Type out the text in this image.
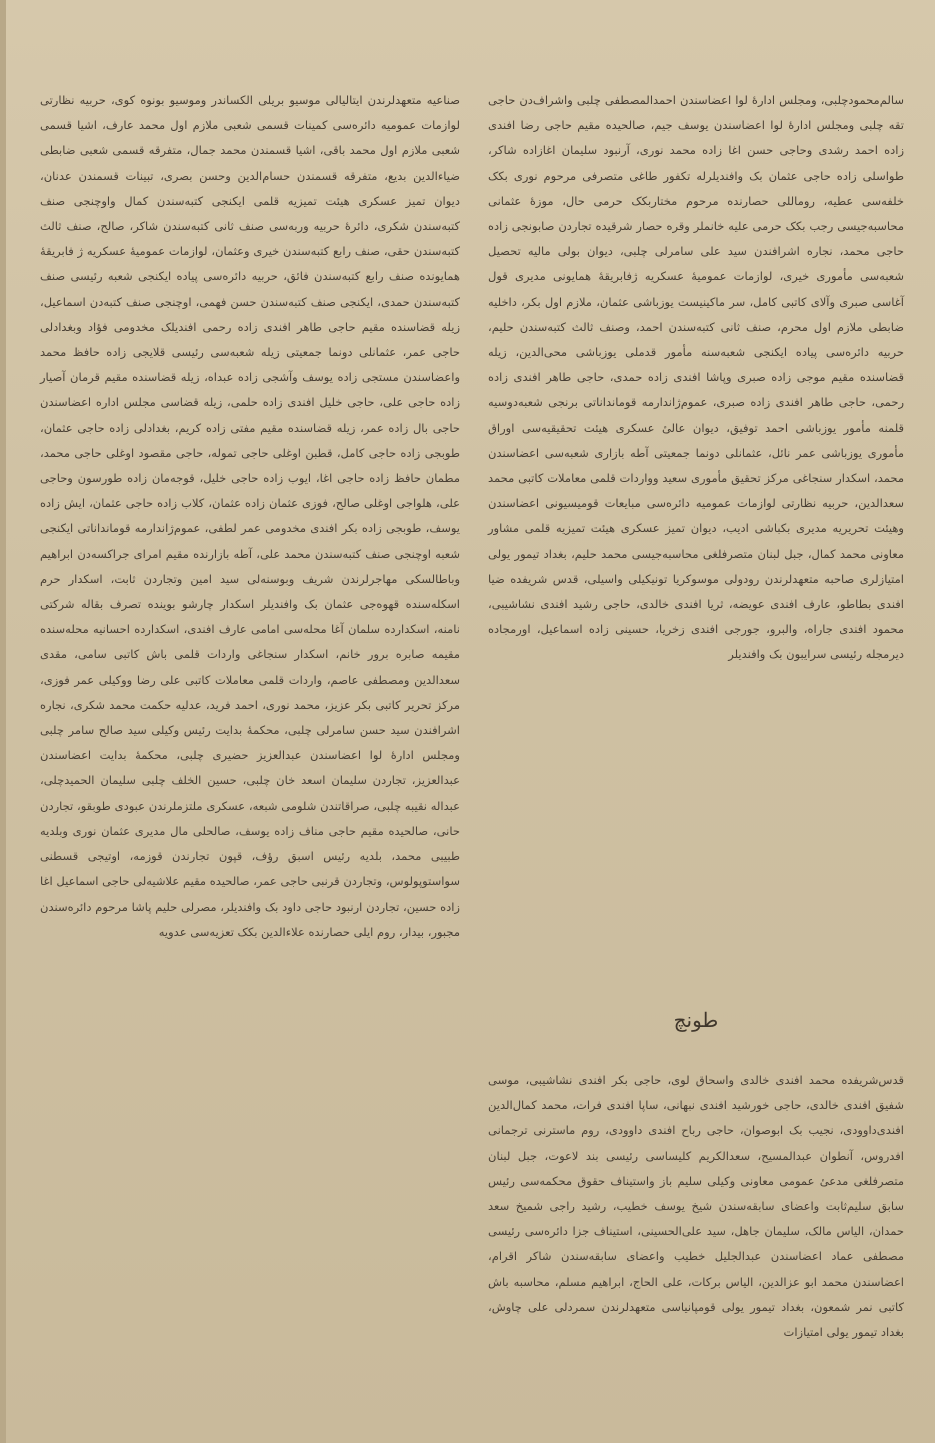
سالم‌محمودچلبی، ومجلس ادارهٔ لوا اعضاسندن احمدالمصطفی چلبی واشراف‌دن حاجی تقه چلبی ومجلس ادارهٔ لوا اعضاسندن یوسف جیم، صالحیده مقیم حاجی رضا افندی زاده احمد رشدی وحاجی حسن اغا زاده محمد نوری، آرنبود سلیمان اغازاده شاکر، طواسلی زاده حاجی عثمان بک وافندیلرله تکفور طاغی متصرفی مرحوم نوری بکک خلفه‌سی عطیه، روماللی حصارنده مرحوم مختاربکک حرمی حال، موزهٔ عثمانی محاسبه‌جیسی رجب بکک حرمی علیه خانملر وقره حصار شرقیده تجاردن صابونجی زاده حاجی محمد، نجاره اشرافندن سید علی سامرلی چلبی، دیوان بولی مالیه تحصیل شعبه‌سی مأموری خیری، لوازمات عمومیهٔ عسکریه ژفابریقهٔ همایونی مدیری قول آغاسی صبری وآلای کاتبی کامل، سر ماکینیست یوزباشی عثمان، ملازم اول بکر، داخلیه ضابطی ملازم اول محرم، صنف ثانی کتبه‌سندن احمد، وصنف ثالث کتبه‌سندن حلیم، حربیه دائره‌سی پیاده ایکنجی شعبه‌سنه مأمور قدملی یوزباشی محی‌الدین، زیله قضاسنده مقیم موجی زاده صبری وپاشا افندی زاده حمدی، حاجی طاهر افندی زاده رحمی، حاجی طاهر افندی زاده صبری، عموم‌ژاندارمه قومانداناتی برنجی شعبه‌دوسیه قلمنه مأمور یوزباشی احمد توفیق، دیوان عالیٔ عسکری هیئت تحقیقیه‌سی اوراق مأموری یوزباشی عمر نائل، عثمانلی دونما جمعیتی آطه بازاری شعبه‌سی اعضاسندن محمد، اسکدار سنجاغی مرکز تحقیق مأموری سعید وواردات قلمی معاملات کاتبی محمد سعدالدین، حربیه نظارتی لوازمات عمومیه دائره‌سی مبایعات قومیسیونی اعضاسندن وهیئت تحریریه مدیری بکباشی ادیب، دیوان تمیز عسکری هیئت تمیزیه قلمی مشاور معاونی محمد کمال، جبل لبنان متصرفلغی محاسبه‌جیسی محمد حلیم، بغداد تیمور یولی امتیازلری صاحبه متعهدلرندن رودولی موسوکریا تونیکیلی واسیلی، قدس شریفده ضیا افندی بطاطو، عارف افندی عویضه، ثریا افندی خالدی، حاجی رشید افندی نشاشیبی، محمود افندی جاراه، والبرو، جورجی افندی زخریا، حسینی زاده اسماعیل، اورمجاده دیرمجله رئیسی سرایبون بک وافندیلر

طونچ

قدس‌شریفده محمد افندی خالدی واسحاق لوی، حاجی بکر افندی نشاشیبی، موسی شفیق افندی خالدی، حاجی خورشید افندی نبهانی، ساپا افندی فرات، محمد کمال‌الدین افندی‌داوودی، نجیب بک ابوصوان، حاجی رباح افندی داوودی، روم ماسترنی ترجمانی افدروس، آنطوان عبدالمسیح، سعدالکریم کلیساسی رئیسی بند لاعوت، جبل لبنان متصرفلغی مدعیٔ عمومی معاونی وکیلی سلیم باز واستیناف حقوق محکمه‌سی رئیس سابق سلیم‌ثابت واعضای سابقه‌سندن شیخ یوسف خطیب، رشید راجی شمیخ سعد حمدان، الیاس مالک، سلیمان جاهل، سید علی‌الحسینی، استیناف جزا دائره‌سی رئیسی مصطفی عماد اعضاسندن عبدالجلیل خطیب واعضای سابقه‌سندن شاکر اقرام، اعضاسندن محمد ابو عزالدین، الیاس برکات، علی الحاج، ابراهیم مسلم، محاسبه باش کاتبی نمر شمعون، بغداد تیمور یولی قومپانیاسی متعهدلرندن سمردلی علی چاوش، بغداد تیمور یولی امتیازات

صناعیه متعهدلرندن ایتالیالی موسیو بریلی الکساندر وموسیو بونوه کوی، حربیه نظارتی لوازمات عمومیه دائره‌سی کمینات قسمی شعبی ملازم اول محمد عارف، اشیا قسمی شعبی ملازم اول محمد باقی، اشیا قسمندن محمد جمال، متفرقه قسمی شعبی ضابطی ضیاءالدین بدیع، متفرقه قسمندن حسام‌الدین وحسن بصری، تبینات قسمندن عدنان، دیوان تمیز عسکری هیئت تمیزیه قلمی ایکنجی کتبه‌سندن کمال واوچنجی صنف کتبه‌سندن شکری، دائرهٔ حربیه وربه‌سی صنف ثانی کتبه‌سندن شاکر، صالح، صنف ثالث کتبه‌سندن حقی، صنف رابع کتبه‌سندن خیری وعثمان، لوازمات عمومیهٔ عسکریه ژ فابریقهٔ همایونده صنف رابع کتبه‌سندن فائق، حربیه دائره‌سی پیاده ایکنجی شعبه رئیسی صنف کتبه‌سندن حمدی، ایکنجی صنف کتبه‌سندن حسن فهمی، اوچنجی صنف کتبه‌دن اسماعیل، زیله قضاسنده مقیم حاجی طاهر افندی زاده رحمی افندیلک مخدومی فؤاد وبغدادلی حاجی عمر، عثمانلی دونما جمعیتی زیله شعبه‌سی رئیسی قلایجی زاده حافظ محمد واعضاسندن مستجی زاده یوسف وآشجی زاده عبداه، زیله قضاسنده مقیم قرمان آصیار زاده حاجی علی، حاجی خلیل افندی زاده حلمی، زیله قضاسی مجلس اداره اعضاسندن حاجی بال زاده عمر، زیله قضاسنده مقیم مفتی زاده کریم، بغدادلی زاده حاجی عثمان، طوبجی زاده حاجی کامل، قطبن اوغلی حاجی تموله، حاجی مقصود اوغلی حاجی محمد، مطمان حافظ زاده حاجی اغا، ایوب زاده حاجی خلیل، قوجه‌مان زاده طورسون وحاجی علی، هلواجی اوغلی صالح، فوزی عثمان زاده عثمان، کلاب زاده حاجی عثمان، ایش زاده یوسف، طوبجی زاده بکر افندی مخدومی عمر لطفی، عموم‌ژاندارمه قومانداناتی ایکنجی شعبه اوچنجی صنف کتبه‌سندن محمد علی، آطه بازارنده مقیم امرای جراکسه‌دن ابراهیم وباطالسکی مهاجرلرندن شریف وبوسنه‌لی سید امین وتجاردن ثابت، اسکدار حرم اسکله‌سنده قهوه‌جی عثمان بک وافندیلر اسکدار چارشو بوینده تصرف بقاله شرکتی نامنه، اسکدارده سلمان آغا محله‌سی امامی عارف افندی، اسکدارده احسانیه محله‌سنده مقیمه صابره برور خانم، اسکدار سنجاغی واردات قلمی باش کاتبی سامی، مقدی سعدالدین ومصطفی عاصم، واردات قلمی معاملات کاتبی علی رضا ووکیلی عمر فوزی، مرکز تحریر کاتبی بکر عزیز، محمد نوری، احمد فرید، عدلیه حکمت محمد شکری، نجاره اشرافندن سید حسن سامرلی چلبی، محکمهٔ بدایت رئیس وکیلی سید صالح سامر چلبی ومجلس ادارهٔ لوا اعضاسندن عبدالعزیز حضیری چلبی، محکمهٔ بدایت اعضاسندن عبدالعزیز، تجاردن سلیمان اسعد خان چلبی، حسین الخلف چلبی سلیمان الحمیدچلی، عبداله نقیبه چلبی، صراقاتندن شلومی شبعه، عسکری ملتزملرندن عبودی طوبقو، تجاردن حانی، صالحیده مقیم حاجی مناف زاده یوسف، صالحلی مال مدیری عثمان نوری وبلدیه طبیبی محمد، بلدیه رئیس اسبق رؤف، قپون تجارندن قوزمه، اوتیجی قسطنی سواستوپولوس، وتجاردن قرنبی حاجی عمر، صالحیده مقیم علاشیه‌لی حاجی اسماعیل اغا زاده حسین، تجاردن ارنبود حاجی داود بک وافندیلر، مصرلی حلیم پاشا مرحوم دائره‌سندن مجبور، بیدار، روم ایلی حصارنده علاءالدین بکک تعزیه‌سی عدویه
